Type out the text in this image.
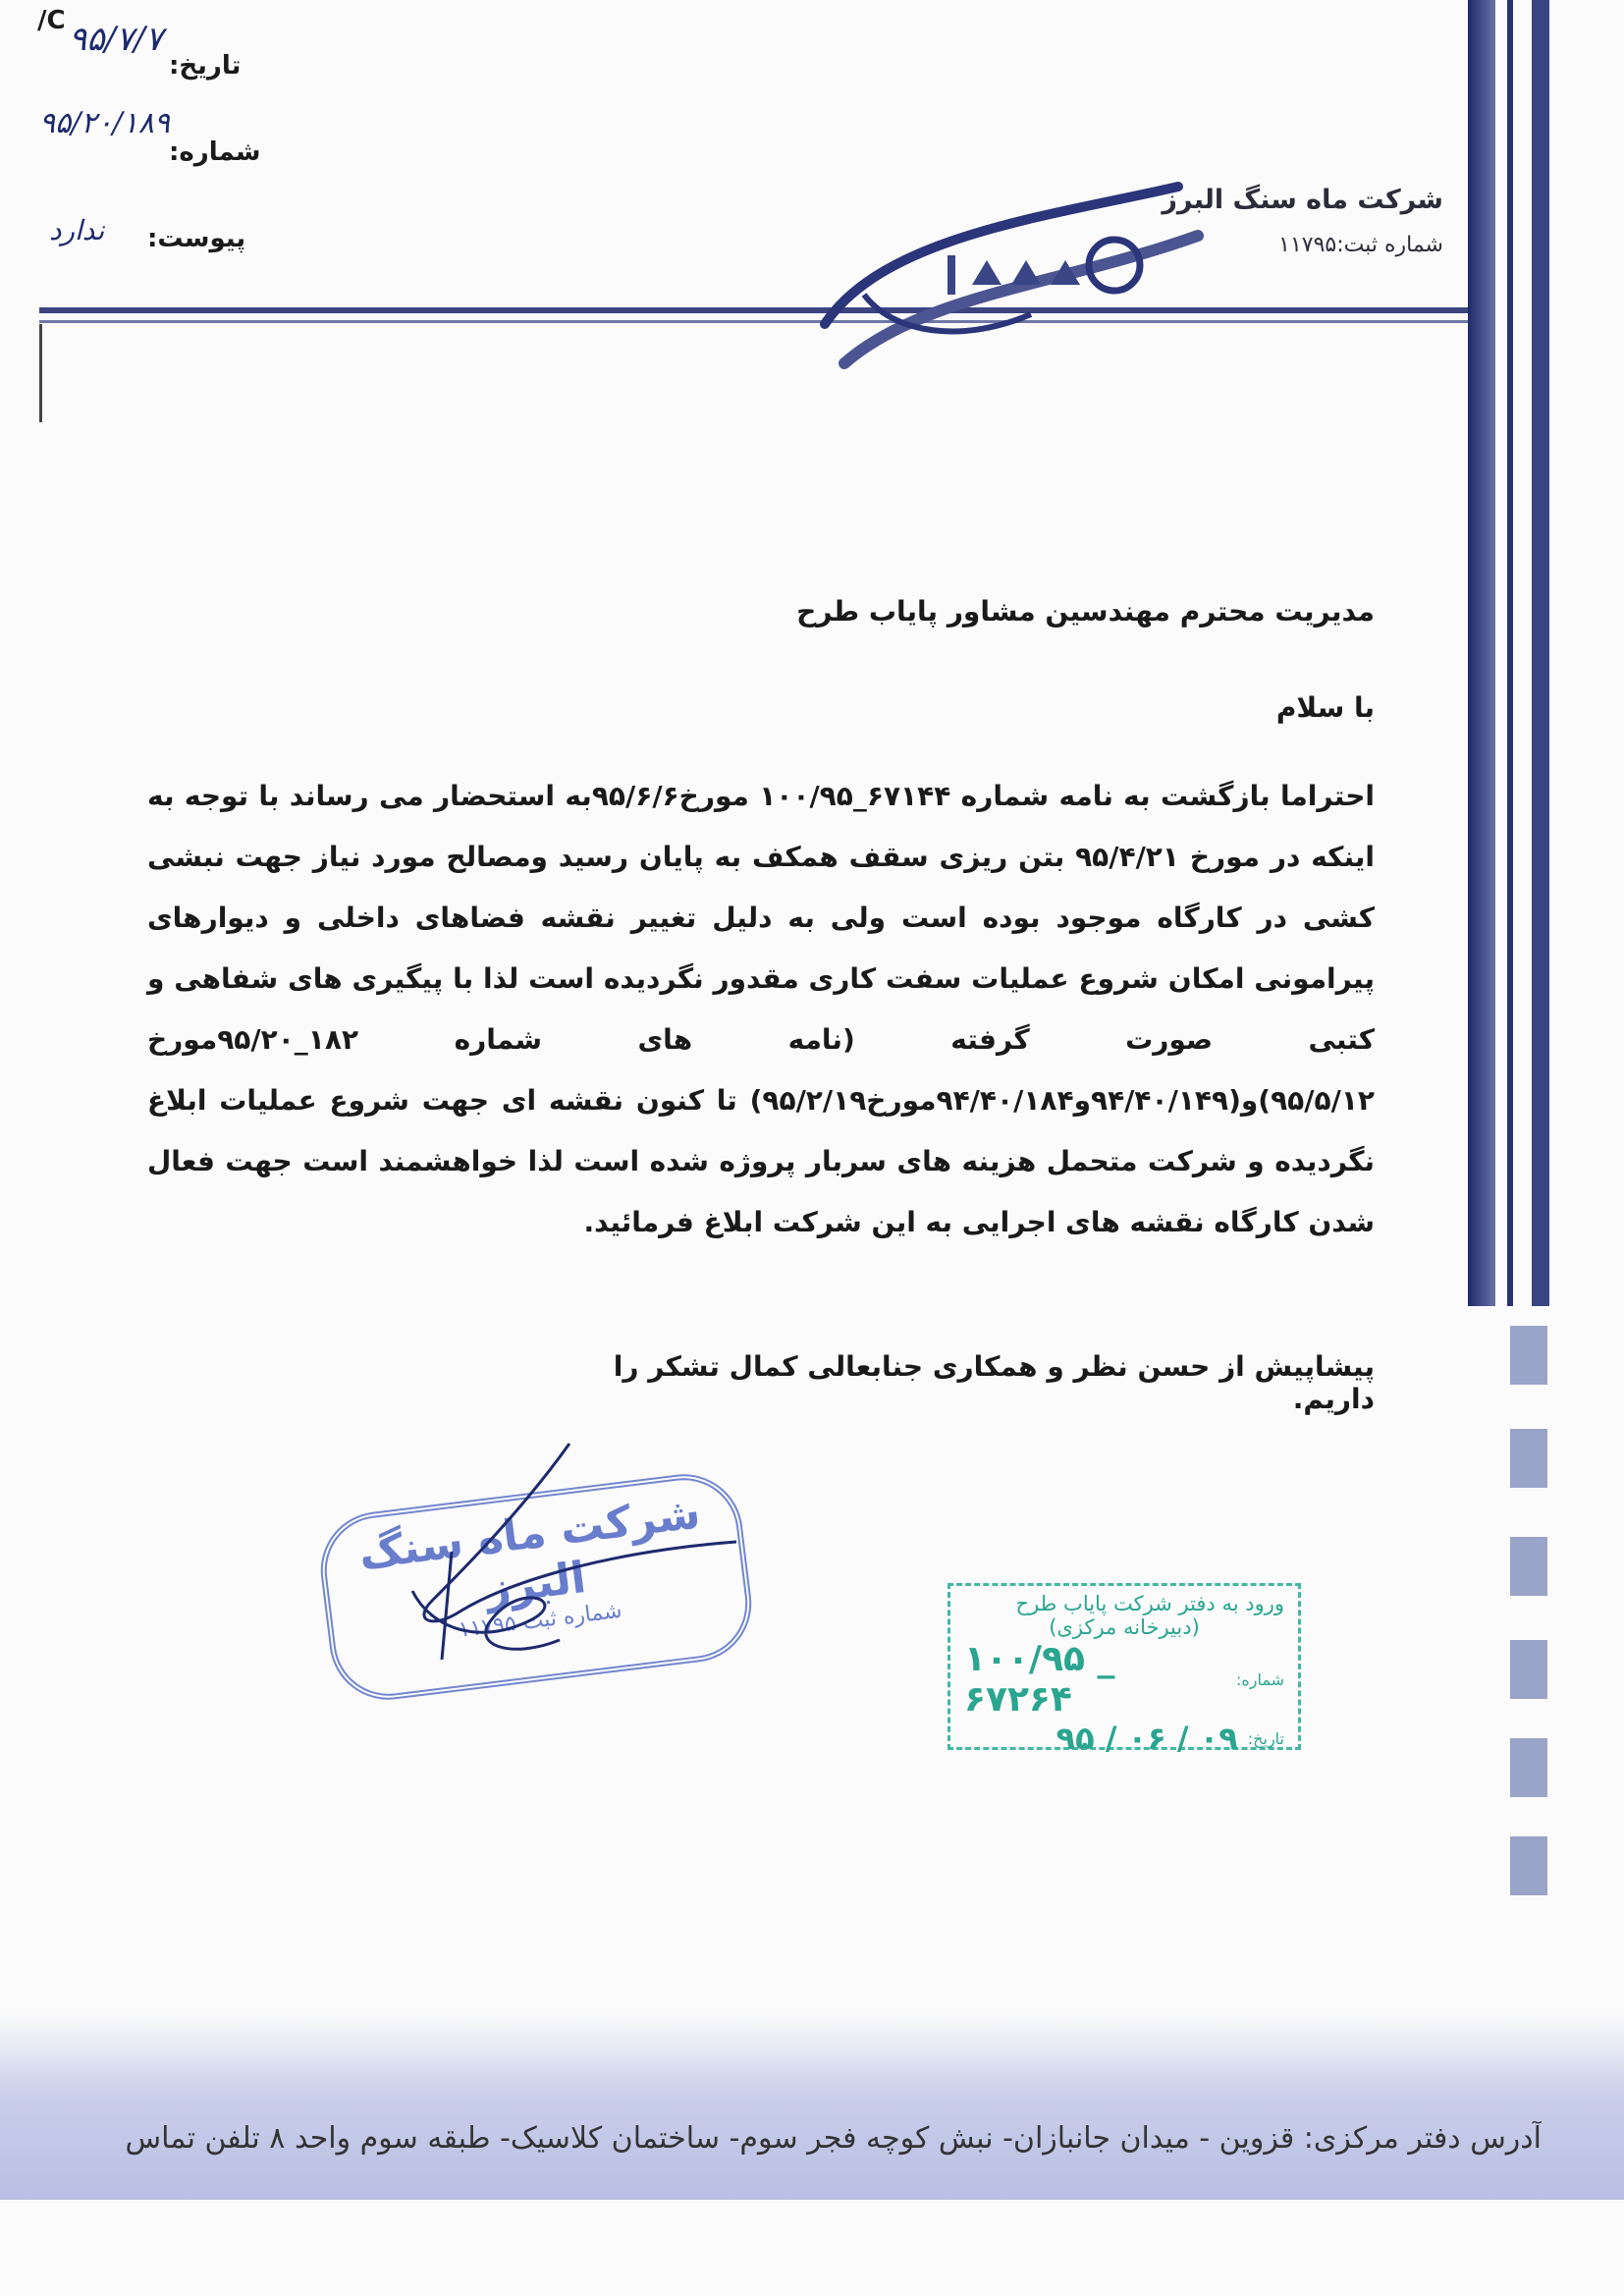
/C ۹۵/۷/۷
تاریخ:
۹۵/۲۰/۱۸۹
شماره:
ندارد پیوست:
شرکت ماه سنگ البرز
شماره ثبت:۱۱۷۹۵
مدیریت محترم مهندسین مشاور پایاب طرح
با سلام
احتراما بازگشت به نامه شماره ۶۷۱۴۴_۱۰۰/۹۵ مورخ۹۵/۶/۶به استحضار می رساند با توجه به اینکه در مورخ ۹۵/۴/۲۱ بتن ریزی سقف همکف به پایان رسید ومصالح مورد نیاز جهت نبشی کشی در کارگاه موجود بوده است ولی به دلیل تغییر نقشه فضاهای داخلی و دیوارهای پیرامونی امکان شروع عملیات سفت کاری مقدور نگردیده است لذا با پیگیری های شفاهی و کتبی صورت گرفته (نامه های شماره ۱۸۲_۹۵/۲۰مورخ ۹۵/۵/۱۲)و(۹۴/۴۰/۱۴۹و۹۴/۴۰/۱۸۴مورخ۹۵/۲/۱۹) تا کنون نقشه ای جهت شروع عملیات ابلاغ نگردیده و شرکت متحمل هزینه های سربار پروژه شده است لذا خواهشمند است جهت فعال شدن کارگاه نقشه های اجرایی به این شرکت ابلاغ فرمائید.
پیشاپیش از حسن نظر و همکاری جنابعالی کمال تشکر را داریم.
شرکت ماه سنگ البرز
شماره ثبت ۱۱۷۹۵	ورود به دفتر شرکت پایاب طرح
(دبیرخانه مرکزی)
شماره:
۱۰۰/۹۵ _ ۶۷۲۶۴
تاریخ:
۹۵ / ۰۶ / ۰۹
آدرس دفتر مرکزی: قزوین - میدان جانبازان- نبش کوچه فجر سوم- ساختمان کلاسیک- طبقه سوم واحد ۸ تلفن تماس
